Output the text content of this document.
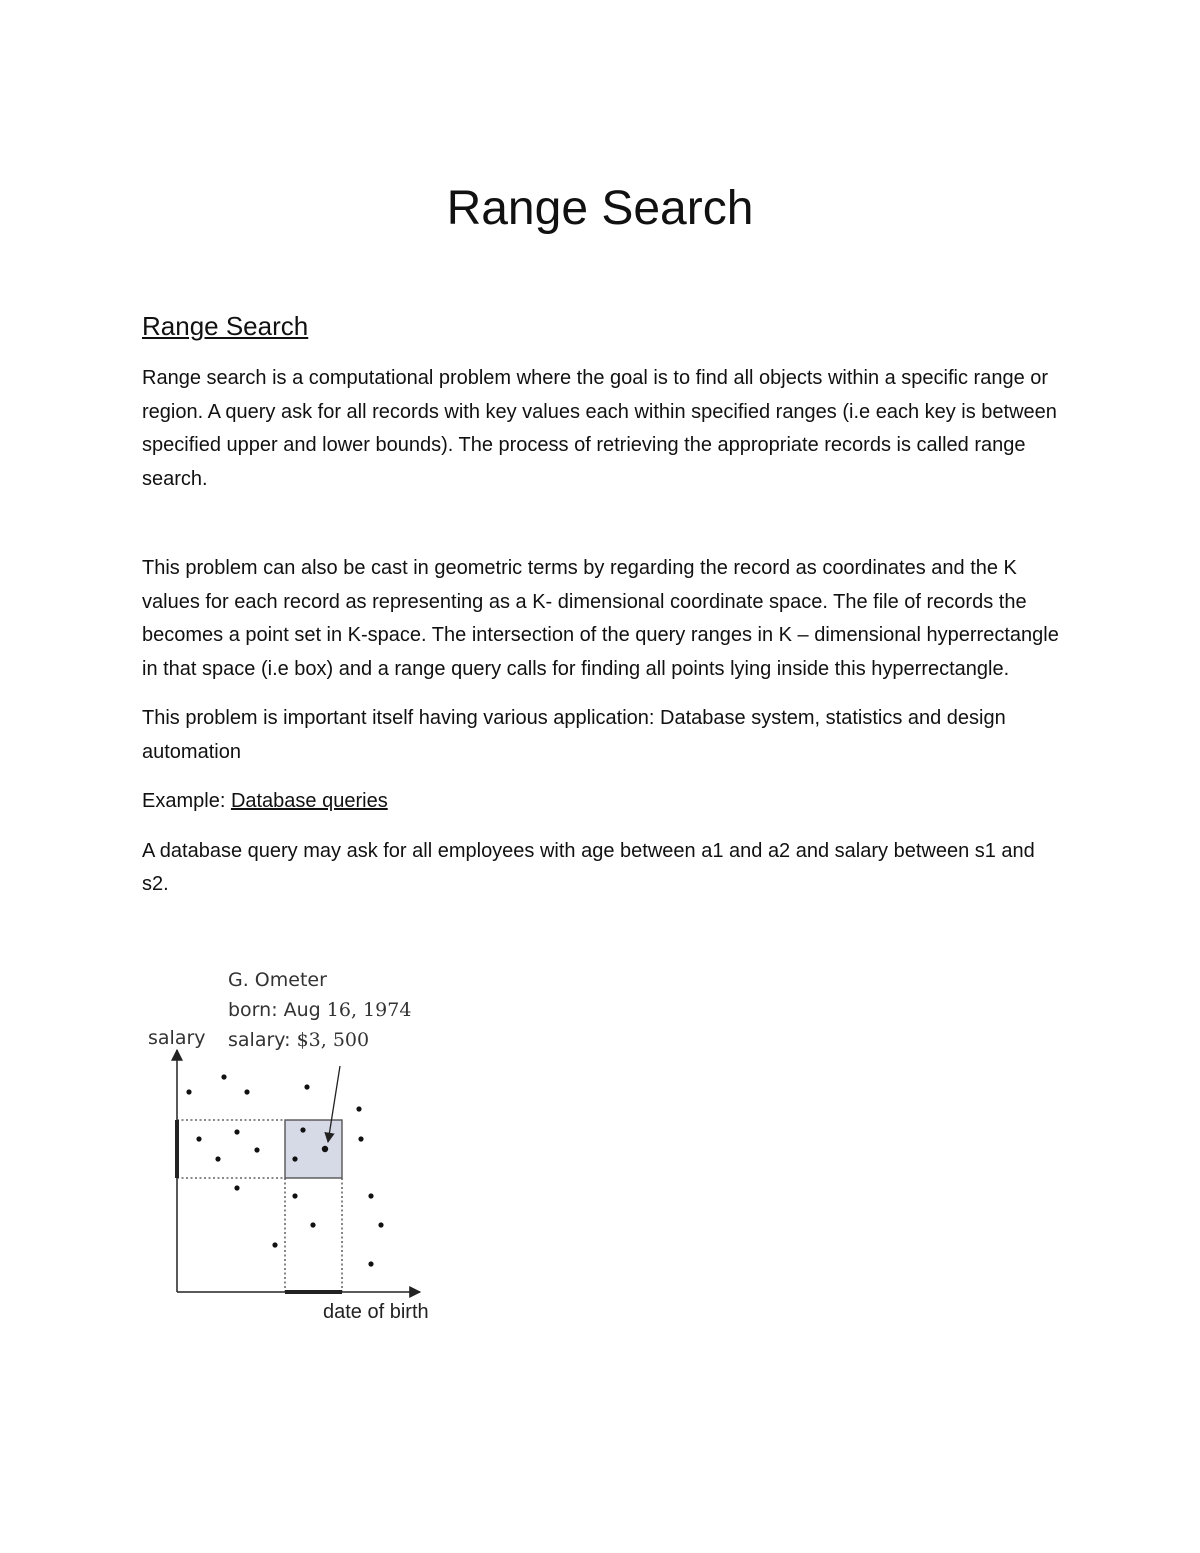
Range Search
Range Search

Range search is a computational problem where the goal is to find all objects within a specific range or region. A query ask for all records with key values each within specified ranges (i.e each key is between specified upper and lower bounds). The process of retrieving the appropriate records is called range search.

This problem can also be cast in geometric terms by regarding the record as coordinates and the K values for each record as representing as a K- dimensional coordinate space. The file of records the becomes a point set in K-space. The intersection of the query ranges in K – dimensional hyperrectangle in that space (i.e box) and a range query calls for finding all points lying inside this hyperrectangle.

This problem is important itself having various application: Database system, statistics and design automation

Example: Database queries

A database query may ask for all employees with age between a1 and a2 and salary between s1 and s2.

G. Ometer
born: Aug 16, 1974
salary: $3, 500
salary
date of birth
